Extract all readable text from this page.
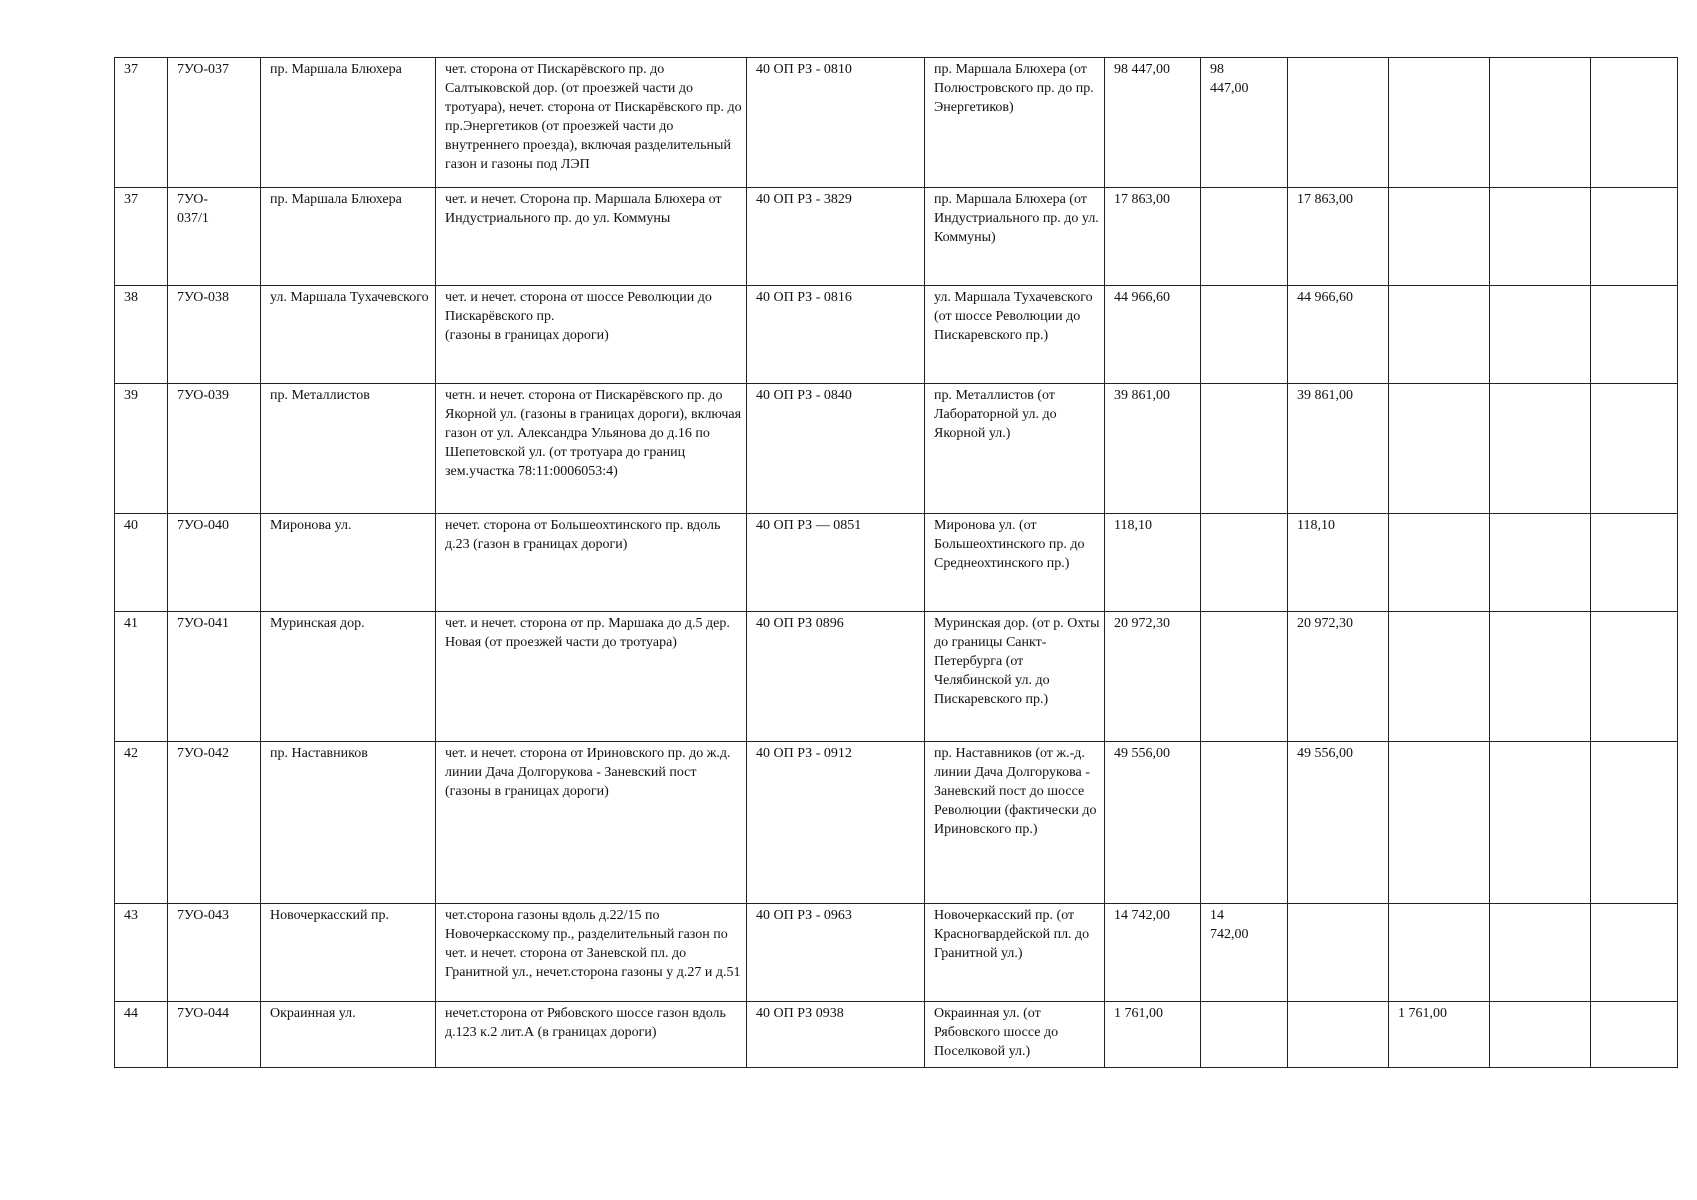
37	7УО-037	пр. Маршала Блюхера	чет. сторона от Пискарёвского пр. до Салтыковской дор. (от проезжей части до тротуара), нечет. сторона от Пискарёвского пр. до пр.Энергетиков (от проезжей части до внутреннего проезда), включая разделительный газон и газоны под ЛЭП	40 ОП РЗ - 0810	пр. Маршала Блюхера (от Полюстровского пр. до пр. Энергетиков)	98 447,00	98
447,00				

37	7УО-
037/1	пр. Маршала Блюхера	чет. и нечет. Сторона пр. Маршала Блюхера от Индустриального пр. до ул. Коммуны	40 ОП РЗ - 3829	пр. Маршала Блюхера (от Индустриального пр. до ул. Коммуны)	17 863,00		17 863,00			

38	7УО-038	ул. Маршала Тухачевского	чет. и нечет. сторона от шоссе Революции до Пискарёвского пр.
(газоны в границах дороги)	40 ОП РЗ - 0816	ул. Маршала Тухачевского (от шоссе Революции до Пискаревского пр.)	44 966,60		44 966,60			

39	7УО-039	пр. Металлистов	четн. и нечет. сторона от Пискарёвского пр. до Якорной ул. (газоны в границах дороги), включая газон от ул. Александра Ульянова до д.16 по Шепетовской ул. (от тротуара до границ зем.участка 78:11:0006053:4)	40 ОП РЗ - 0840	пр. Металлистов (от Лабораторной ул. до Якорной ул.)	39 861,00		39 861,00			

40	7УО-040	Миронова ул.	нечет. сторона от Большеохтинского пр. вдоль д.23 (газон в границах дороги)	40 ОП РЗ — 0851	Миронова ул. (от Большеохтинского пр. до Среднеохтинского пр.)	118,10		118,10			

41	7УО-041	Муринская дор.	чет. и нечет. сторона от пр. Маршака до д.5 дер. Новая (от проезжей части до тротуара)	40 ОП РЗ 0896	Муринская дор. (от р. Охты до границы Санкт-Петербурга (от Челябинской ул. до Пискаревского пр.)	20 972,30		20 972,30			

42	7УО-042	пр. Наставников	чет. и нечет. сторона от Ириновского пр. до ж.д. линии Дача Долгорукова - Заневский пост (газоны в границах дороги)	40 ОП РЗ - 0912	пр. Наставников (от ж.-д. линии Дача Долгорукова - Заневский пост до шоссе Революции (фактически до Ириновского пр.)	49 556,00		49 556,00			

43	7УО-043	Новочеркасский пр.	чет.сторона газоны вдоль д.22/15 по Новочеркасскому пр., разделительный газон по чет. и нечет. сторона от Заневской пл. до Гранитной ул., нечет.сторона газоны у д.27 и д.51	40 ОП РЗ - 0963	Новочеркасский пр. (от Красногвардейской пл. до Гранитной ул.)	14 742,00	14
742,00				

44	7УО-044	Окраинная ул.	нечет.сторона от Рябовского шоссе газон вдоль д.123 к.2 лит.А (в границах дороги)	40 ОП РЗ 0938	Окраинная ул. (от Рябовского шоссе до Поселковой ул.)	1 761,00			1 761,00		
